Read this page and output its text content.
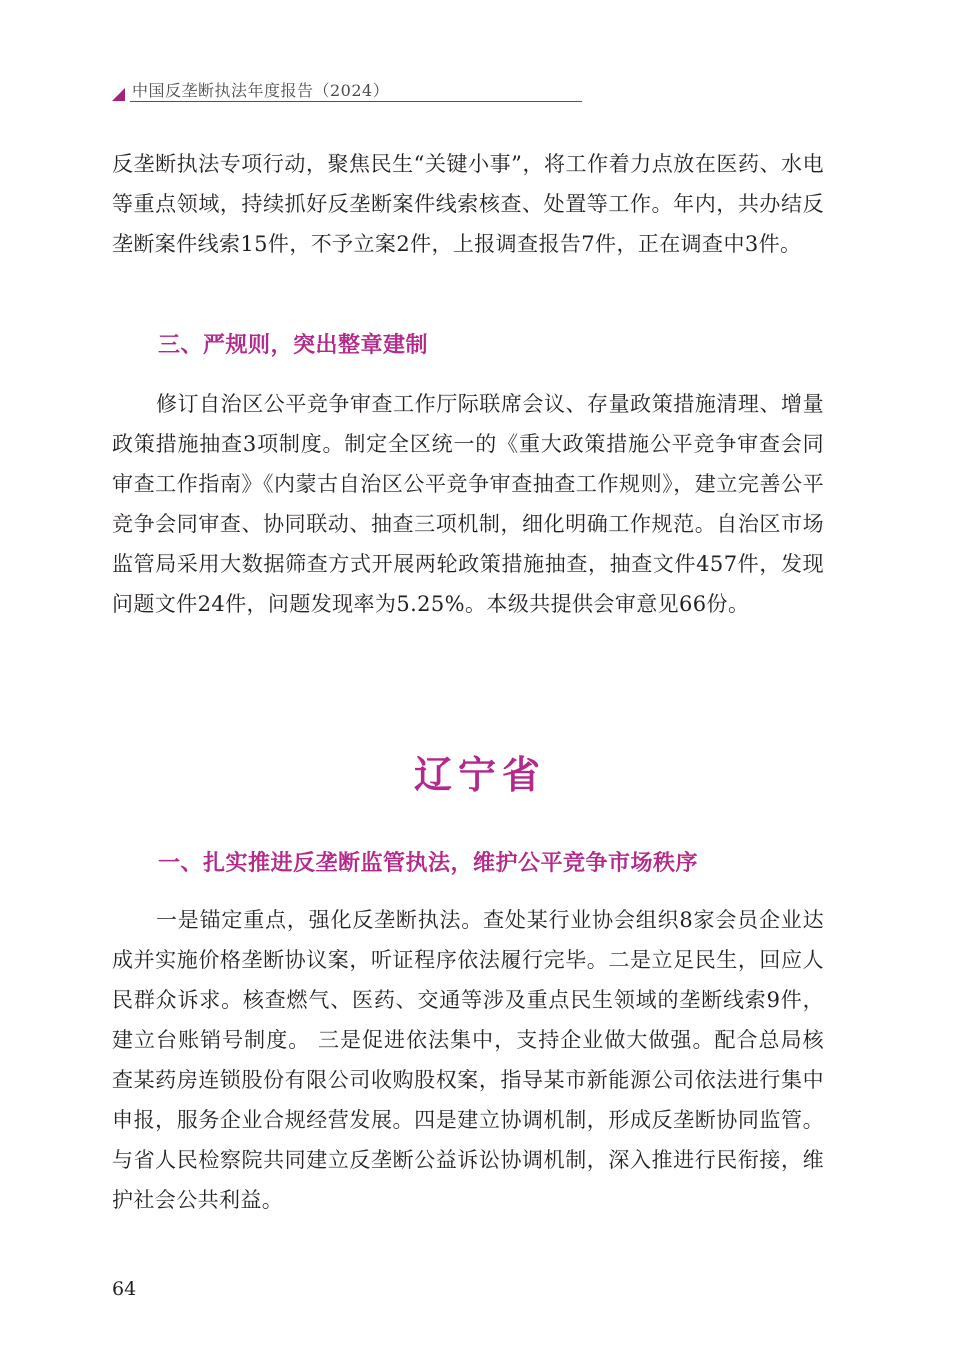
中国反垄断执法年度报告（2024）

反垄断执法专项行动，聚焦民生“关键小事”，将工作着力点放在医药、水电等重点领域，持续抓好反垄断案件线索核查、处置等工作。年内，共办结反垄断案件线索15件，不予立案2件，上报调查报告7件，正在调查中3件。

三、严规则，突出整章建制

修订自治区公平竞争审查工作厅际联席会议、存量政策措施清理、增量政策措施抽查3项制度。制定全区统一的《重大政策措施公平竞争审查会同审查工作指南》《内蒙古自治区公平竞争审查抽查工作规则》，建立完善公平竞争会同审查、协同联动、抽查三项机制，细化明确工作规范。自治区市场监管局采用大数据筛查方式开展两轮政策措施抽查，抽查文件457件，发现问题文件24件，问题发现率为5.25%。本级共提供会审意见66份。

辽宁省
一、扎实推进反垄断监管执法，维护公平竞争市场秩序

一是锚定重点，强化反垄断执法。查处某行业协会组织8家会员企业达成并实施价格垄断协议案，听证程序依法履行完毕。二是立足民生，回应人民群众诉求。核查燃气、医药、交通等涉及重点民生领域的垄断线索9件，建立台账销号制度。 三是促进依法集中，支持企业做大做强。配合总局核查某药房连锁股份有限公司收购股权案，指导某市新能源公司依法进行集中申报，服务企业合规经营发展。四是建立协调机制，形成反垄断协同监管。与省人民检察院共同建立反垄断公益诉讼协调机制，深入推进行民衔接，维护社会公共利益。

64
